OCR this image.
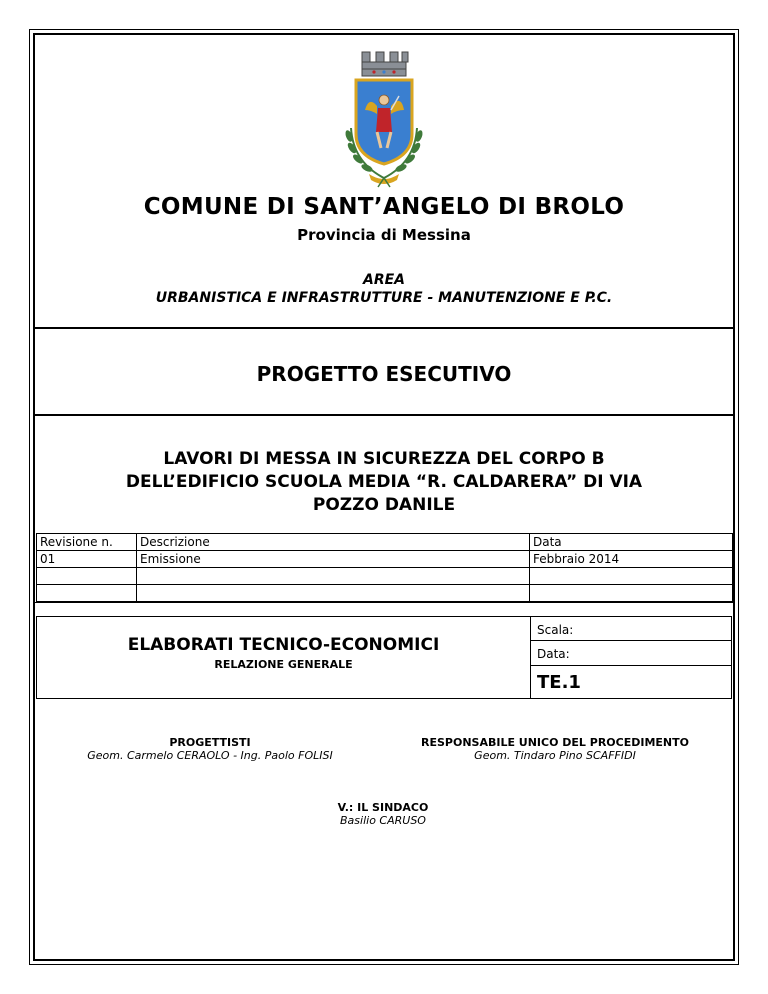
COMUNE DI SANT’ANGELO DI BROLO
Provincia di Messina
AREA
URBANISTICA E INFRASTRUTTURE - MANUTENZIONE E P.C.
PROGETTO ESECUTIVO
LAVORI DI MESSA IN SICUREZZA DEL CORPO B
DELL’EDIFICIO SCUOLA MEDIA “R. CALDARERA” DI VIA
POZZO DANILE
Revisione n.	Descrizione	Data
01	Emissione	Febbraio 2014

ELABORATI TECNICO-ECONOMICI
RELAZIONE GENERALE
Scala:
Data:
TE.1
PROGETTISTI
Geom. Carmelo CERAOLO - Ing. Paolo FOLISI
RESPONSABILE UNICO DEL PROCEDIMENTO
Geom. Tindaro Pino SCAFFIDI
V.: IL SINDACO
Basilio CARUSO
